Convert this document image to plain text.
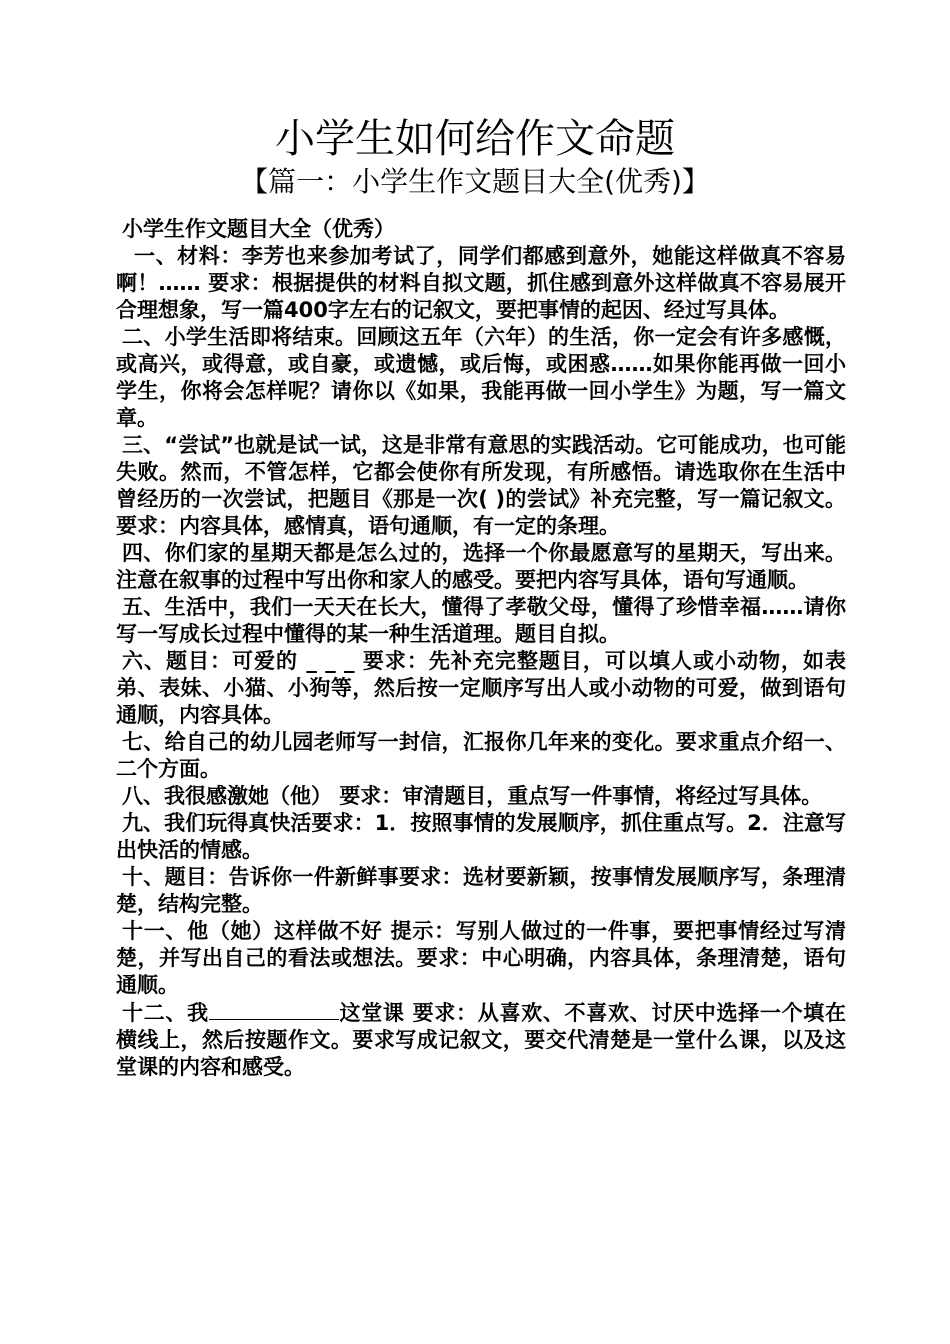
小学生如何给作文命题
【篇一：小学生作文题目大全(优秀)】

小学生作文题目大全（优秀）

一、材料：李芳也来参加考试了，同学们都感到意外，她能这样做真不容易啊！…… 要求：根据提供的材料自拟文题，抓住感到意外这样做真不容易展开合理想象，写一篇400字左右的记叙文，要把事情的起因、经过写具体。

二、小学生活即将结束。回顾这五年（六年）的生活，你一定会有许多感慨，或高兴，或得意，或自豪，或遗憾，或后悔，或困惑……如果你能再做一回小学生，你将会怎样呢？请你以《如果，我能再做一回小学生》为题，写一篇文章。

三、“尝试”也就是试一试，这是非常有意思的实践活动。它可能成功，也可能失败。然而，不管怎样，它都会使你有所发现，有所感悟。请选取你在生活中曾经历的一次尝试，把题目《那是一次( )的尝试》补充完整，写一篇记叙文。要求：内容具体，感情真，语句通顺，有一定的条理。

四、你们家的星期天都是怎么过的，选择一个你最愿意写的星期天，写出来。注意在叙事的过程中写出你和家人的感受。要把内容写具体，语句写通顺。

五、生活中，我们一天天在长大，懂得了孝敬父母，懂得了珍惜幸福……请你写一写成长过程中懂得的某一种生活道理。题目自拟。

六、题目：可爱的 _ _ _ 要求：先补充完整题目，可以填人或小动物，如表弟、表妹、小猫、小狗等，然后按一定顺序写出人或小动物的可爱，做到语句通顺，内容具体。

七、给自己的幼儿园老师写一封信，汇报你几年来的变化。要求重点介绍一、二个方面。

八、我很感激她（他） 要求：审清题目，重点写一件事情，将经过写具体。

九、我们玩得真快活要求：1．按照事情的发展顺序，抓住重点写。2．注意写出快活的情感。

十、题目：告诉你一件新鲜事要求：选材要新颖，按事情发展顺序写，条理清楚，结构完整。

十一、他（她）这样做不好 提示：写别人做过的一件事，要把事情经过写清楚，并写出自己的看法或想法。要求：中心明确，内容具体，条理清楚，语句通顺。

十二、我	这堂课 要求：从喜欢、不喜欢、讨厌中选择一个填在横线上，然后按题作文。要求写成记叙文，要交代清楚是一堂什么课，以及这堂课的内容和感受。
